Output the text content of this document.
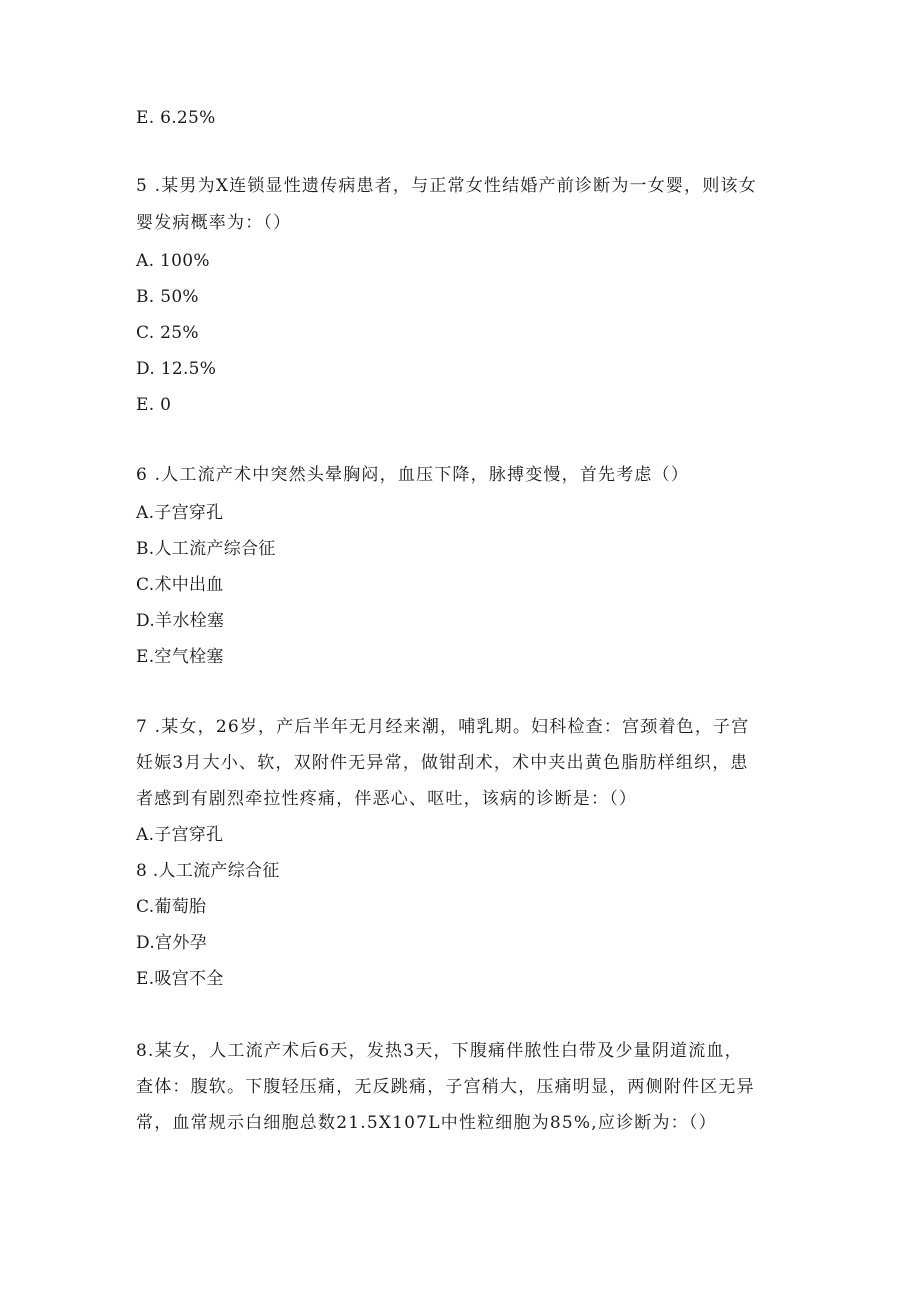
E. 6.25%
5 .某男为X连锁显性遗传病患者，与正常女性结婚产前诊断为一女婴，则该女
婴发病概率为：（）
A. 100%
B. 50%
C. 25%
D. 12.5%
E. 0
6 .人工流产术中突然头晕胸闷，血压下降，脉搏变慢，首先考虑（）
A.子宫穿孔
B.人工流产综合征
C.术中出血
D.羊水栓塞
E.空气栓塞
7 .某女，26岁，产后半年无月经来潮，哺乳期。妇科检查：宫颈着色，子宫
妊娠3月大小、软，双附件无异常，做钳刮术，术中夹出黄色脂肪样组织，患
者感到有剧烈牵拉性疼痛，伴恶心、呕吐，该病的诊断是：（）
A.子宫穿孔
8 .人工流产综合征
C.葡萄胎
D.宫外孕
E.吸宫不全
8.某女，人工流产术后6天，发热3天，下腹痛伴脓性白带及少量阴道流血，
查体：腹软。下腹轻压痛，无反跳痛，子宫稍大，压痛明显，两侧附件区无异
常，血常规示白细胞总数21.5X107L中性粒细胞为85%,应诊断为：（）
